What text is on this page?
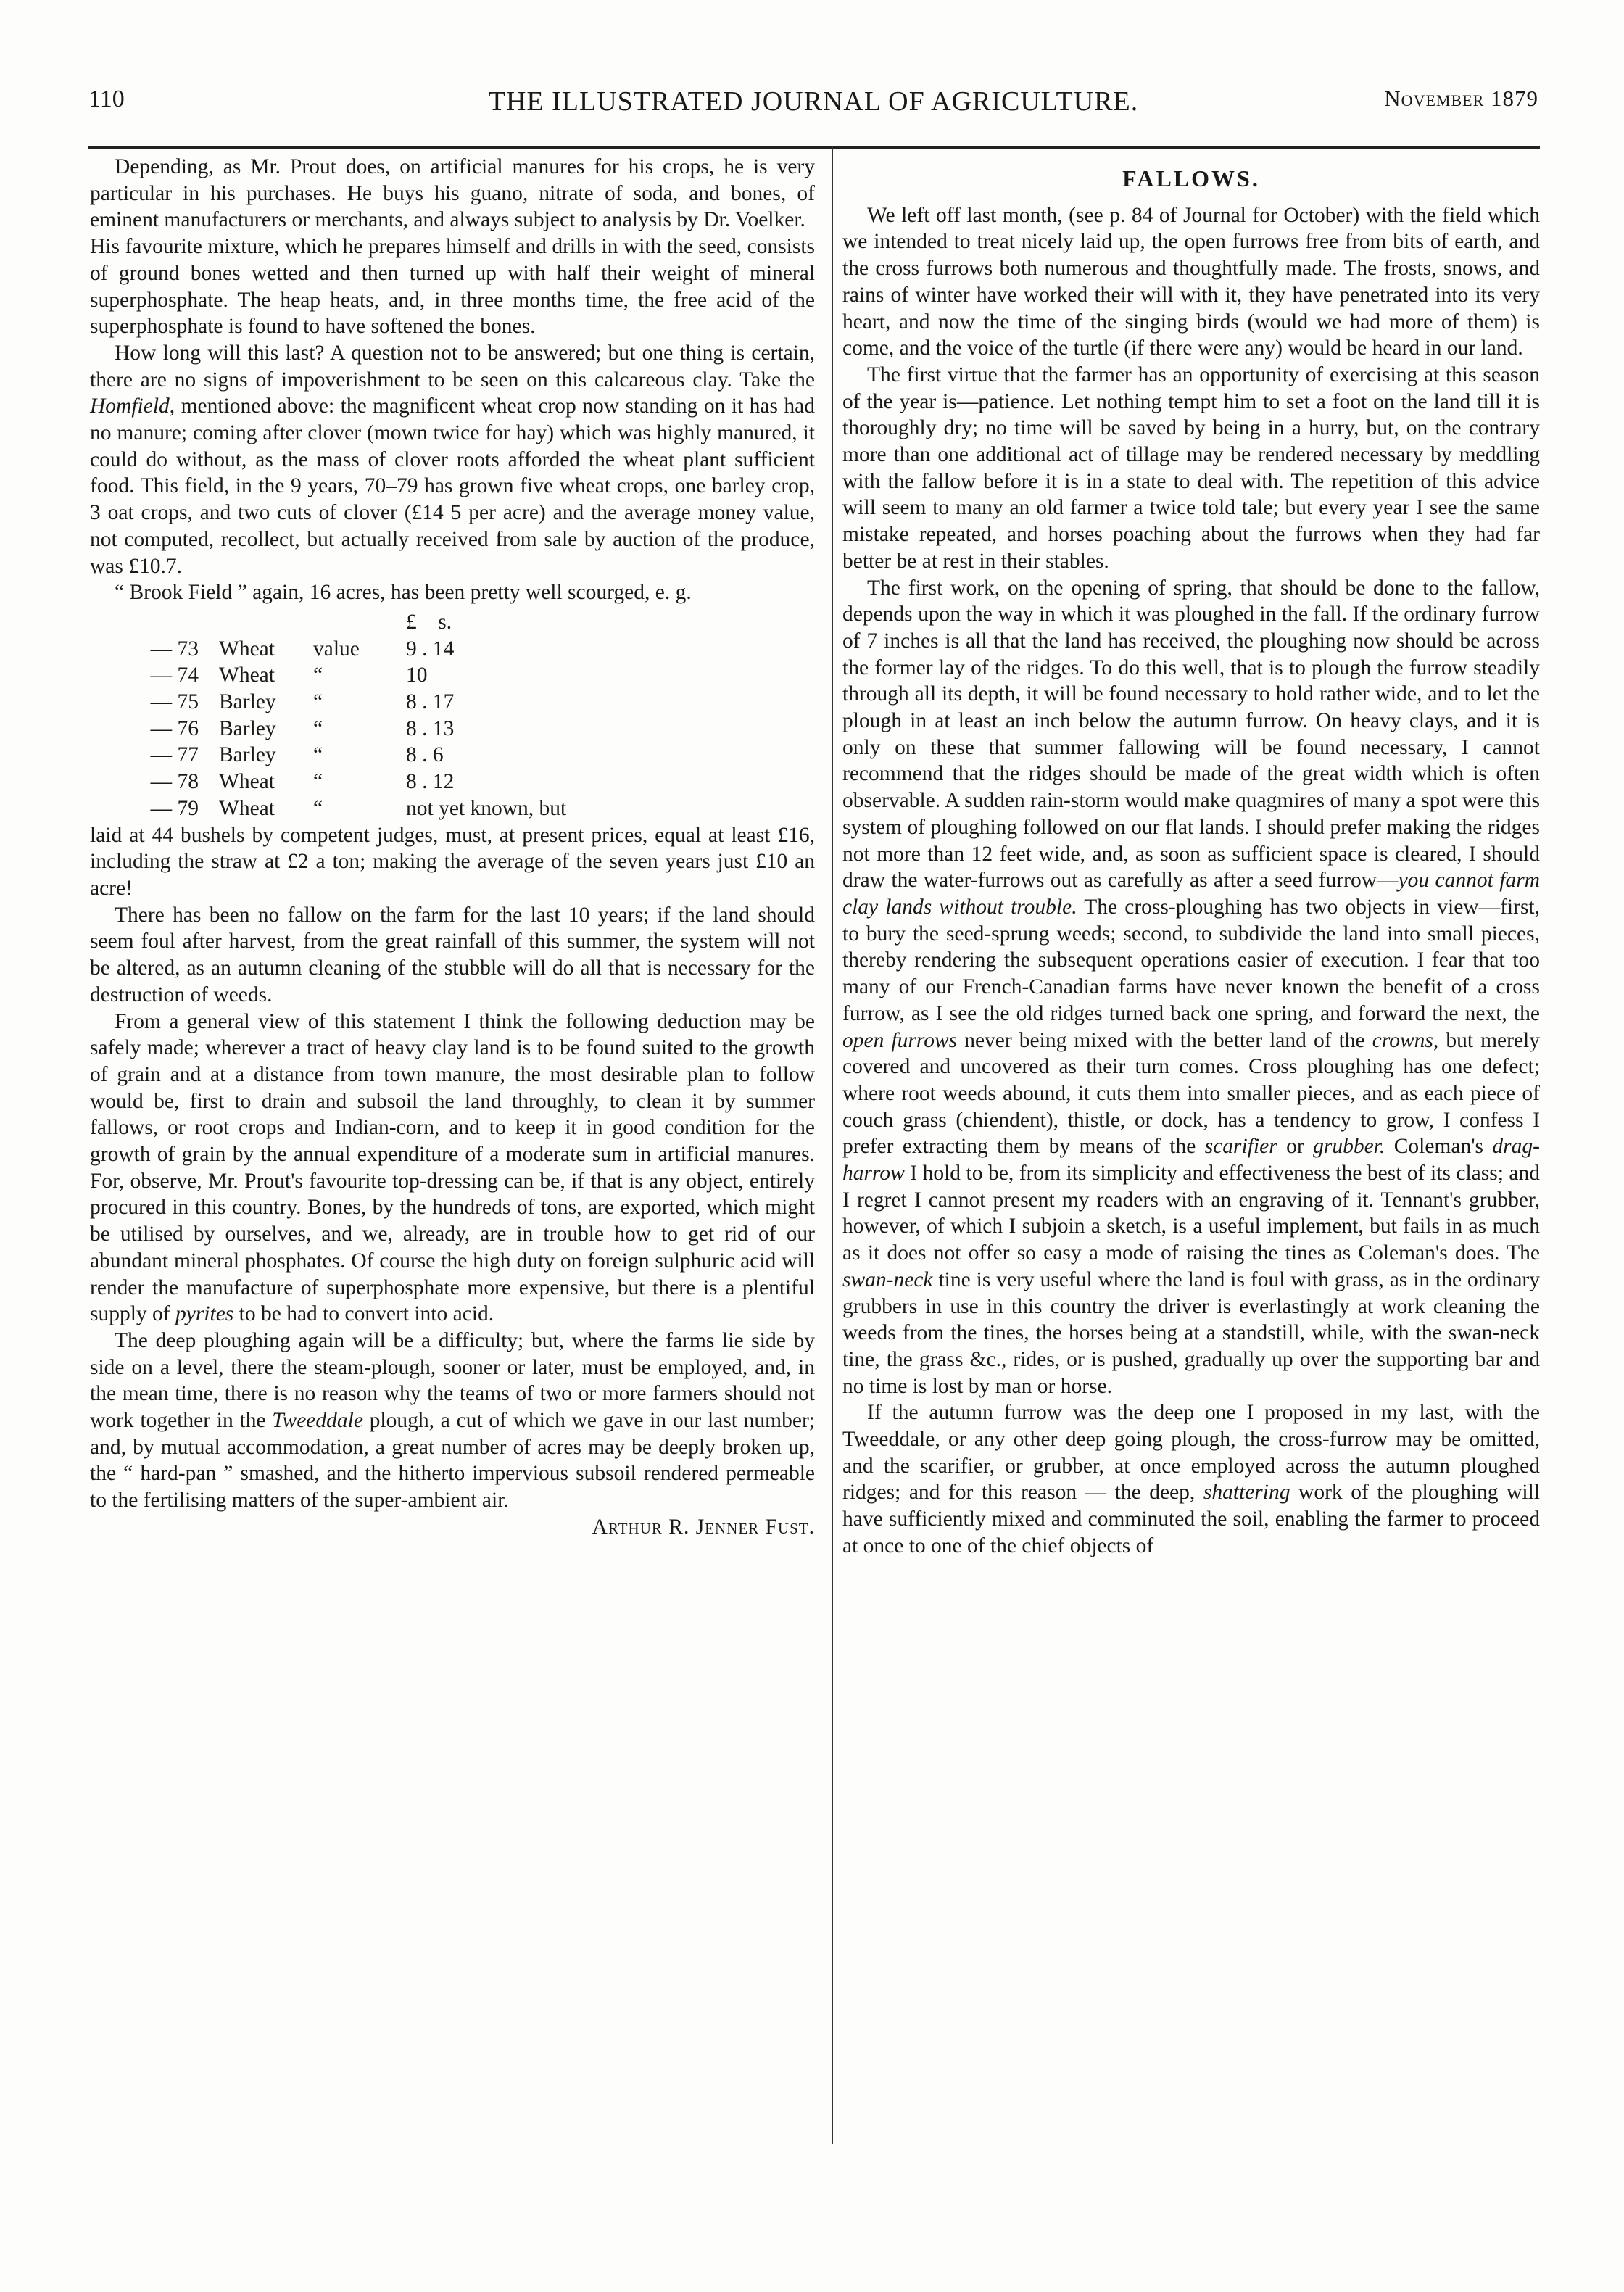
110	THE ILLUSTRATED JOURNAL OF AGRICULTURE.	November 1879

Depending, as Mr. Prout does, on artificial manures for his crops, he is very particular in his purchases. He buys his guano, nitrate of soda, and bones, of eminent manufacturers or merchants, and always subject to analysis by Dr. Voelker.

His favourite mixture, which he prepares himself and drills in with the seed, consists of ground bones wetted and then turned up with half their weight of mineral superphosphate. The heap heats, and, in three months time, the free acid of the superphosphate is found to have softened the bones.

How long will this last? A question not to be answered; but one thing is certain, there are no signs of impoverishment to be seen on this calcareous clay. Take the Homfield, mentioned above: the magnificent wheat crop now standing on it has had no manure; coming after clover (mown twice for hay) which was highly manured, it could do without, as the mass of clover roots afforded the wheat plant sufficient food. This field, in the 9 years, 70–79 has grown five wheat crops, one barley crop, 3 oat crops, and two cuts of clover (£14 5 per acre) and the average money value, not computed, recollect, but actually received from sale by auction of the produce, was £10.7.

“ Brook Field ” again, 16 acres, has been pretty well scourged, e. g.

			£ s.
— 73	Wheat	value	9 . 14
— 74	Wheat	“	10
— 75	Barley	“	8 . 17
— 76	Barley	“	8 . 13
— 77	Barley	“	8 . 6
— 78	Wheat	“	8 . 12
— 79	Wheat	“	not yet known, but

laid at 44 bushels by competent judges, must, at present prices, equal at least £16, including the straw at £2 a ton; making the average of the seven years just £10 an acre!

There has been no fallow on the farm for the last 10 years; if the land should seem foul after harvest, from the great rainfall of this summer, the system will not be altered, as an autumn cleaning of the stubble will do all that is necessary for the destruction of weeds.

From a general view of this statement I think the following deduction may be safely made; wherever a tract of heavy clay land is to be found suited to the growth of grain and at a distance from town manure, the most desirable plan to follow would be, first to drain and subsoil the land throughly, to clean it by summer fallows, or root crops and Indian-corn, and to keep it in good condition for the growth of grain by the annual expenditure of a moderate sum in artificial manures. For, observe, Mr. Prout's favourite top-dressing can be, if that is any object, entirely procured in this country. Bones, by the hundreds of tons, are exported, which might be utilised by ourselves, and we, already, are in trouble how to get rid of our abundant mineral phosphates. Of course the high duty on foreign sulphuric acid will render the manufacture of superphosphate more expensive, but there is a plentiful supply of pyrites to be had to convert into acid.

The deep ploughing again will be a difficulty; but, where the farms lie side by side on a level, there the steam-plough, sooner or later, must be employed, and, in the mean time, there is no reason why the teams of two or more farmers should not work together in the Tweeddale plough, a cut of which we gave in our last number; and, by mutual accommodation, a great number of acres may be deeply broken up, the “ hard-pan ” smashed, and the hitherto impervious subsoil rendered permeable to the fertilising matters of the super-ambient air.

Arthur R. Jenner Fust.
FALLOWS.

We left off last month, (see p. 84 of Journal for October) with the field which we intended to treat nicely laid up, the open furrows free from bits of earth, and the cross furrows both numerous and thoughtfully made. The frosts, snows, and rains of winter have worked their will with it, they have penetrated into its very heart, and now the time of the singing birds (would we had more of them) is come, and the voice of the turtle (if there were any) would be heard in our land.

The first virtue that the farmer has an opportunity of exercising at this season of the year is—patience. Let nothing tempt him to set a foot on the land till it is thoroughly dry; no time will be saved by being in a hurry, but, on the contrary more than one additional act of tillage may be rendered necessary by meddling with the fallow before it is in a state to deal with. The repetition of this advice will seem to many an old farmer a twice told tale; but every year I see the same mistake repeated, and horses poaching about the furrows when they had far better be at rest in their stables.

The first work, on the opening of spring, that should be done to the fallow, depends upon the way in which it was ploughed in the fall. If the ordinary furrow of 7 inches is all that the land has received, the ploughing now should be across the former lay of the ridges. To do this well, that is to plough the furrow steadily through all its depth, it will be found necessary to hold rather wide, and to let the plough in at least an inch below the autumn furrow. On heavy clays, and it is only on these that summer fallowing will be found necessary, I cannot recommend that the ridges should be made of the great width which is often observable. A sudden rain-storm would make quagmires of many a spot were this system of ploughing followed on our flat lands. I should prefer making the ridges not more than 12 feet wide, and, as soon as sufficient space is cleared, I should draw the water-furrows out as carefully as after a seed furrow—you cannot farm clay lands without trouble. The cross-ploughing has two objects in view—first, to bury the seed-sprung weeds; second, to subdivide the land into small pieces, thereby rendering the subsequent operations easier of execution. I fear that too many of our French-Canadian farms have never known the benefit of a cross furrow, as I see the old ridges turned back one spring, and forward the next, the open furrows never being mixed with the better land of the crowns, but merely covered and uncovered as their turn comes. Cross ploughing has one defect; where root weeds abound, it cuts them into smaller pieces, and as each piece of couch grass (chiendent), thistle, or dock, has a tendency to grow, I confess I prefer extracting them by means of the scarifier or grubber. Coleman's drag-harrow I hold to be, from its simplicity and effectiveness the best of its class; and I regret I cannot present my readers with an engraving of it. Tennant's grubber, however, of which I subjoin a sketch, is a useful implement, but fails in as much as it does not offer so easy a mode of raising the tines as Coleman's does. The swan-neck tine is very useful where the land is foul with grass, as in the ordinary grubbers in use in this country the driver is everlastingly at work cleaning the weeds from the tines, the horses being at a standstill, while, with the swan-neck tine, the grass &c., rides, or is pushed, gradually up over the supporting bar and no time is lost by man or horse.

If the autumn furrow was the deep one I proposed in my last, with the Tweeddale, or any other deep going plough, the cross-furrow may be omitted, and the scarifier, or grubber, at once employed across the autumn ploughed ridges; and for this reason — the deep, shattering work of the ploughing will have sufficiently mixed and comminuted the soil, enabling the farmer to proceed at once to one of the chief objects of
